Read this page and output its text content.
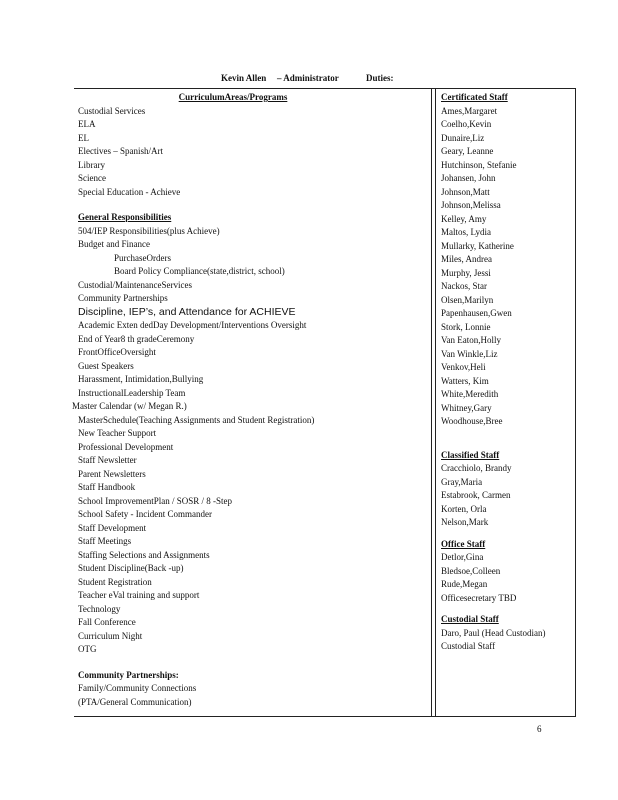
Kevin Allen – Administrator	Duties:
CurriculumAreas/Programs
Custodial Services
ELA
EL
Electives – Spanish/Art
Library
Science
Special Education - Achieve
General Responsibilities
504/IEP Responsibilities(plus Achieve)
Budget and Finance
PurchaseOrders
Board Policy Compliance(state,district, school)
Custodial/MaintenanceServices
Community Partnerships
Discipline, IEP’s, and Attendance for ACHIEVE
Academic Exten dedDay Development/Interventions Oversight
End of Year8 th gradeCeremony
FrontOfficeOversight
Guest Speakers
Harassment, Intimidation,Bullying
InstructionalLeadership Team
Master Calendar (w/ Megan R.)
MasterSchedule(Teaching Assignments and Student Registration)
New Teacher Support
Professional Development
Staff Newsletter
Parent Newsletters
Staff Handbook
School ImprovementPlan / SOSR / 8 -Step
School Safety - Incident Commander
Staff Development
Staff Meetings
Staffing Selections and Assignments
Student Discipline(Back -up)
Student Registration
Teacher eVal training and support
Technology
Fall Conference
Curriculum Night
OTG
Community Partnerships:
Family/Community Connections
(PTA/General Communication)
Certificated Staff
Ames,Margaret
Coelho,Kevin
Dunaire,Liz
Geary, Leanne
Hutchinson, Stefanie
Johansen, John
Johnson,Matt
Johnson,Melissa
Kelley, Amy
Maltos, Lydia
Mullarky, Katherine
Miles, Andrea
Murphy, Jessi
Nackos, Star
Olsen,Marilyn
Papenhausen,Gwen
Stork, Lonnie
Van Eaton,Holly
Van Winkle,Liz
Venkov,Heli
Watters, Kim
White,Meredith
Whitney,Gary
Woodhouse,Bree
Classified Staff
Cracchiolo, Brandy
Gray,Maria
Estabrook, Carmen
Korten, Orla
Nelson,Mark
Office Staff
Detlor,Gina
Bledsoe,Colleen
Rude,Megan
Officesecretary TBD
Custodial Staff
Daro, Paul (Head Custodian)
Custodial Staff
6
